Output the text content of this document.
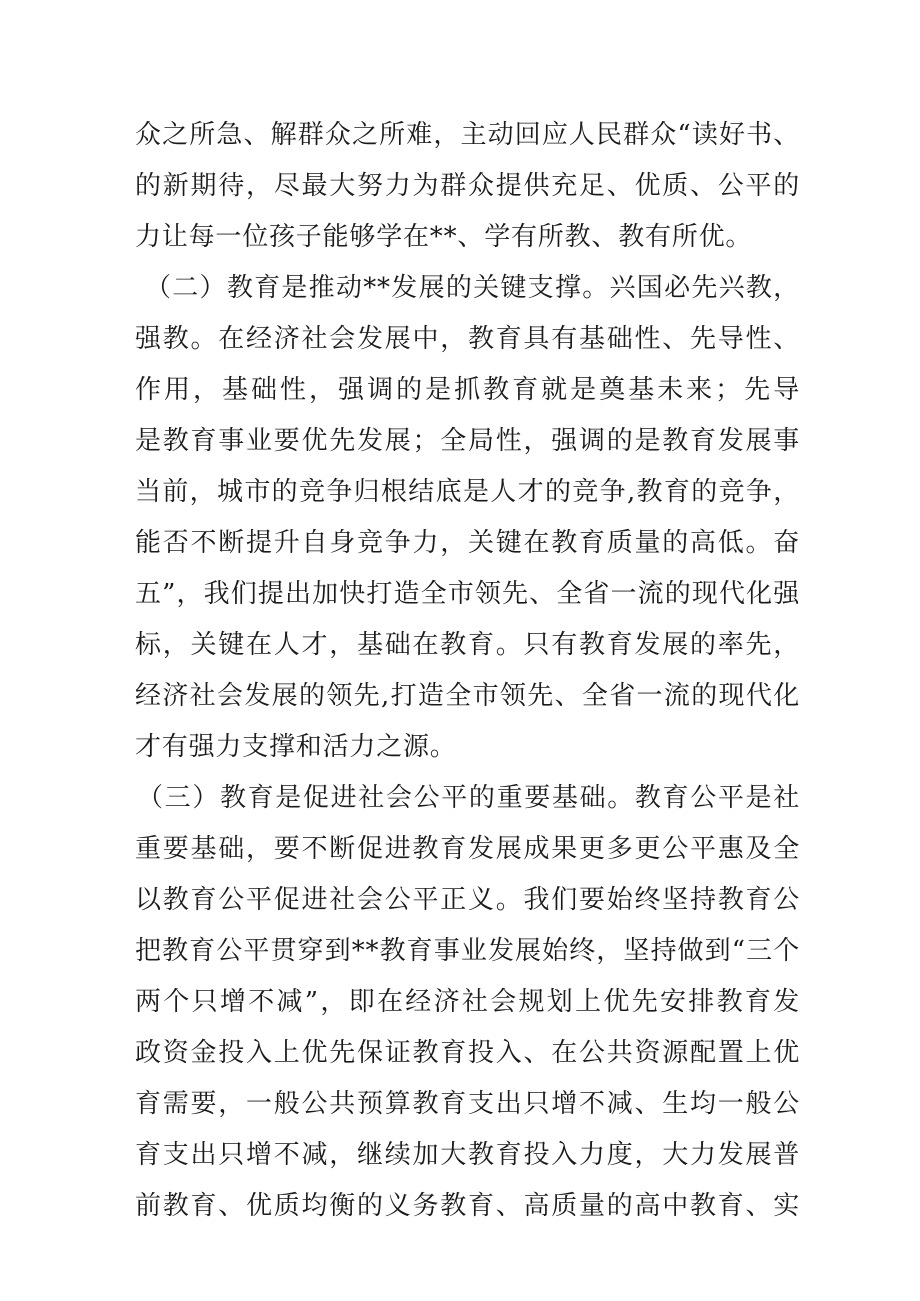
众之所急、解群众之所难，主动回应人民群众“读好书、
的新期待，尽最大努力为群众提供充足、优质、公平的
力让每一位孩子能够学在**、学有所教、教有所优。
（二）教育是推动**发展的关键支撑。兴国必先兴教，
强教。在经济社会发展中，教育具有基础性、先导性、
作用，基础性，强调的是抓教育就是奠基未来；先导
是教育事业要优先发展；全局性，强调的是教育发展事
当前，城市的竞争归根结底是人才的竞争,教育的竞争，
能否不断提升自身竞争力，关键在教育质量的高低。奋
五”，我们提出加快打造全市领先、全省一流的现代化强
标，关键在人才，基础在教育。只有教育发展的率先，
经济社会发展的领先,打造全市领先、全省一流的现代化
才有强力支撑和活力之源。
（三）教育是促进社会公平的重要基础。教育公平是社
重要基础，要不断促进教育发展成果更多更公平惠及全
以教育公平促进社会公平正义。我们要始终坚持教育公
把教育公平贯穿到**教育事业发展始终，坚持做到“三个
两个只增不减”，即在经济社会规划上优先安排教育发
政资金投入上优先保证教育投入、在公共资源配置上优
育需要，一般公共预算教育支出只增不减、生均一般公
育支出只增不减，继续加大教育投入力度，大力发展普
前教育、优质均衡的义务教育、高质量的高中教育、实
